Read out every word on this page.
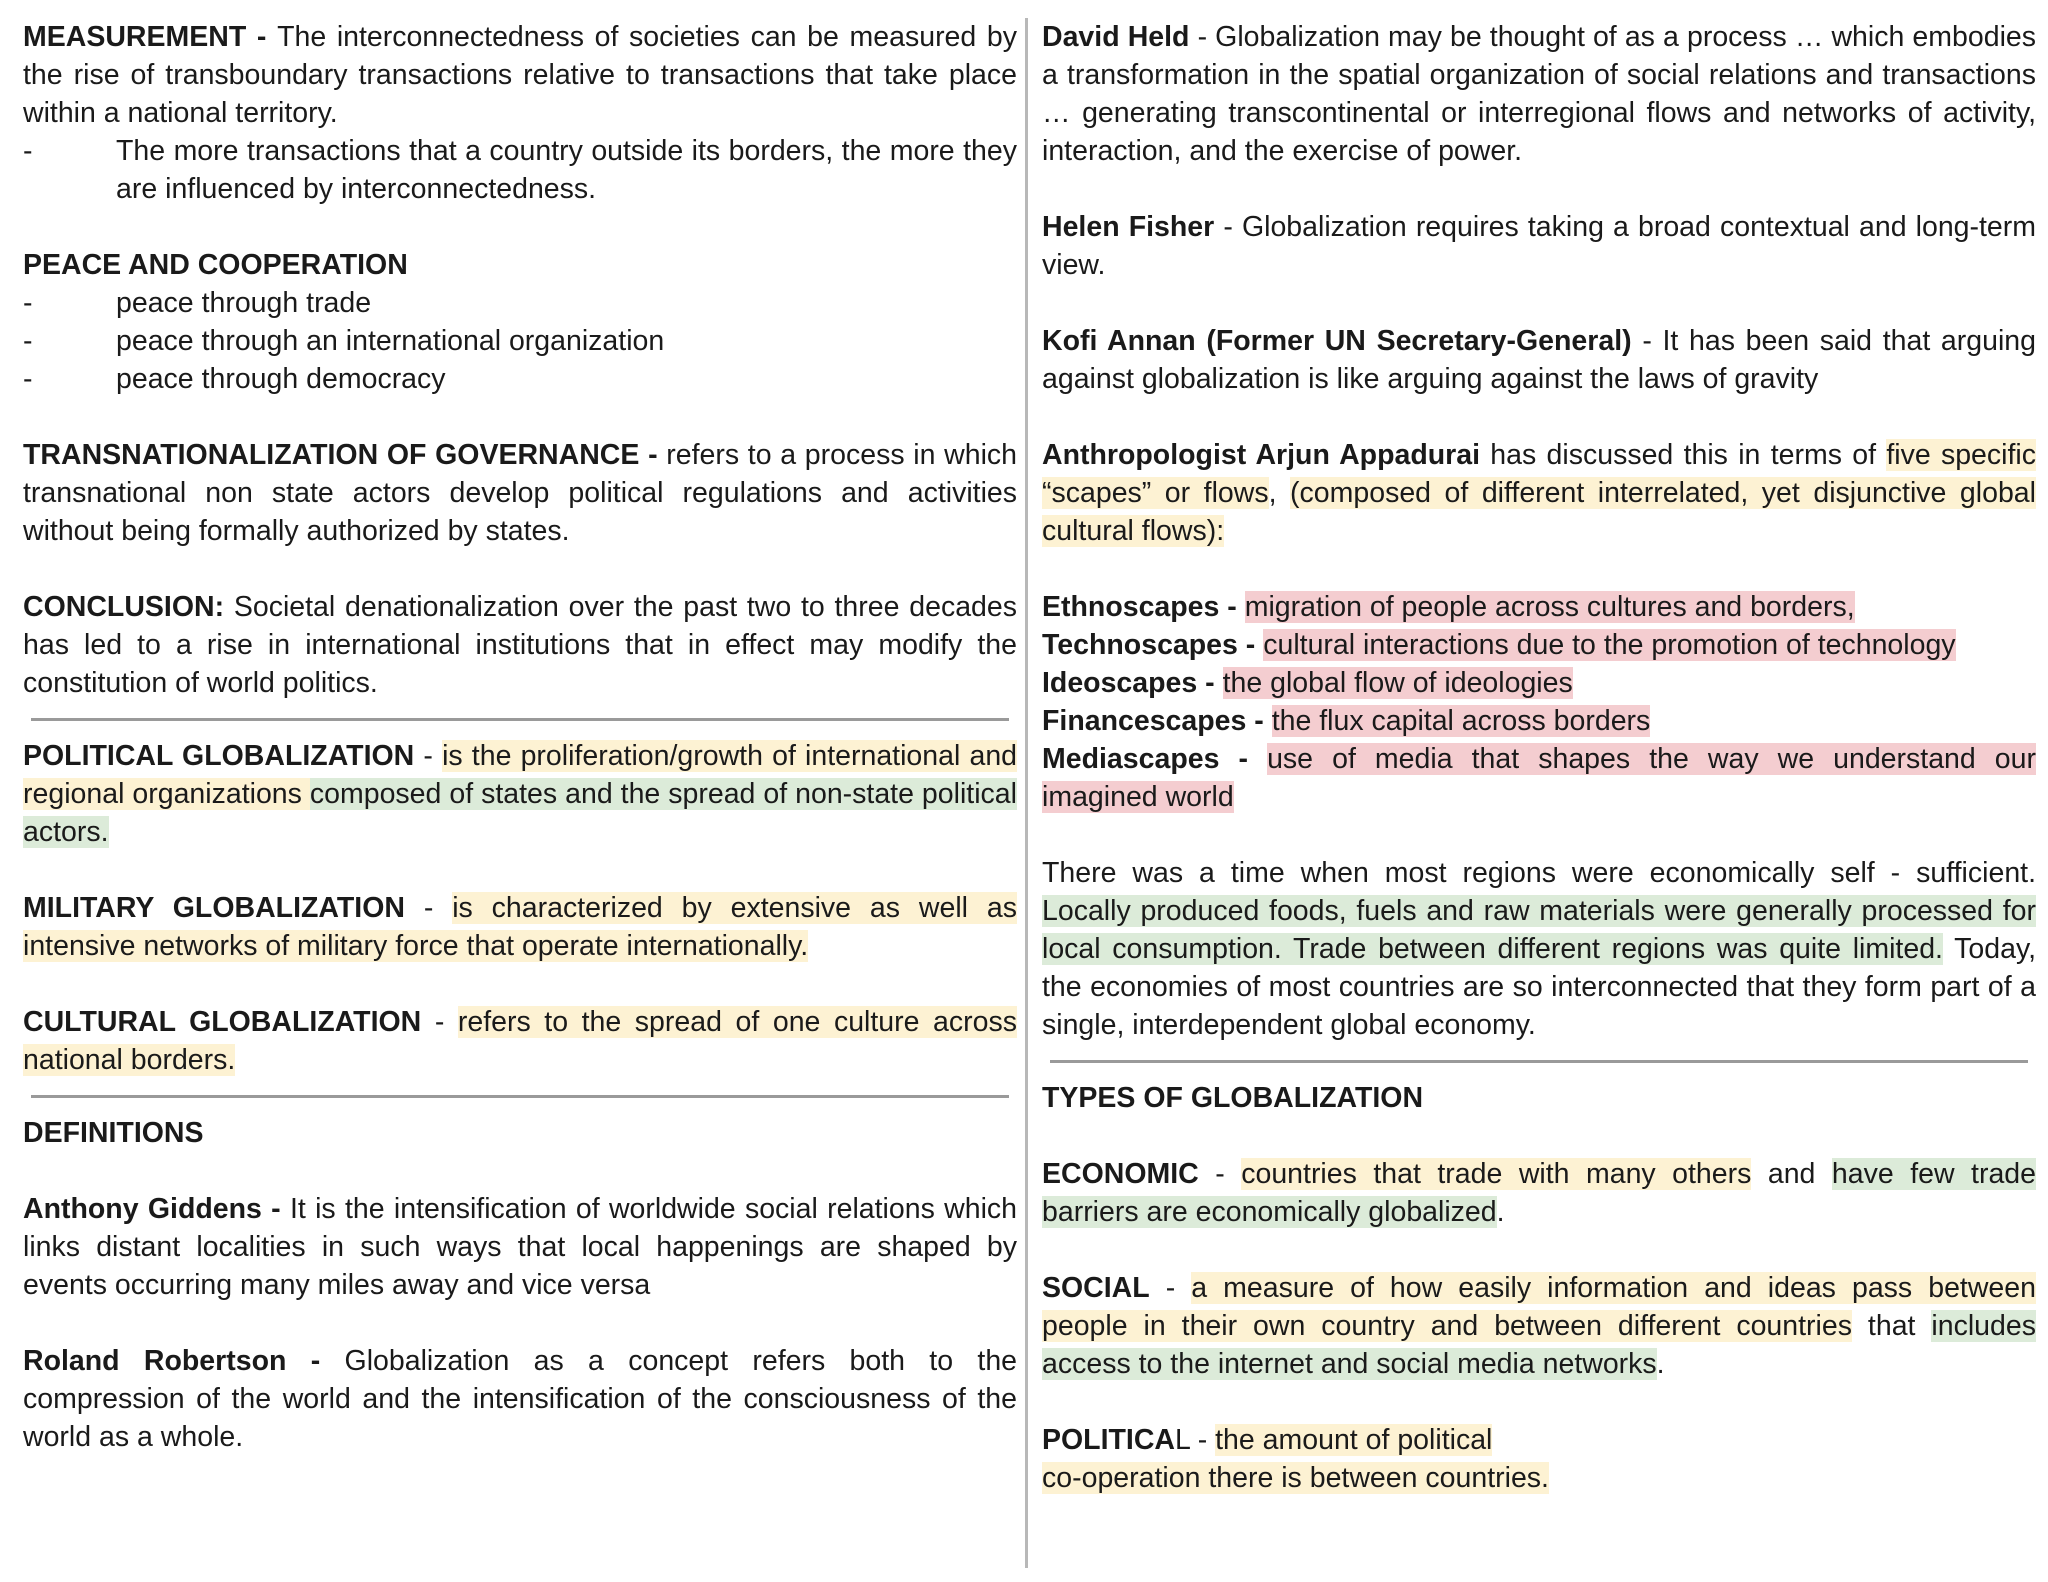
MEASUREMENT - The interconnectedness of societies can be measured by the rise of transboundary transactions relative to transactions that take place within a national territory.

-	The more transactions that a country outside its borders, the more they are influenced by interconnectedness.

PEACE AND COOPERATION

-	peace through trade
-	peace through an international organization
-	peace through democracy

TRANSNATIONALIZATION OF GOVERNANCE - refers to a process in which transnational non state actors develop political regulations and activities without being formally authorized by states.

CONCLUSION: Societal denationalization over the past two to three decades has led to a rise in international institutions that in effect may modify the constitution of world politics.

POLITICAL GLOBALIZATION - is the proliferation/growth of international and regional organizations composed of states and the spread of non-state political actors.

MILITARY GLOBALIZATION - is characterized by extensive as well as intensive networks of military force that operate internationally.

CULTURAL GLOBALIZATION - refers to the spread of one culture across national borders.

DEFINITIONS

Anthony Giddens - It is the intensification of worldwide social relations which links distant localities in such ways that local happenings are shaped by events occurring many miles away and vice versa

Roland Robertson - Globalization as a concept refers both to the compression of the world and the intensification of the consciousness of the world as a whole.

David Held - Globalization may be thought of as a process … which embodies a transformation in the spatial organization of social relations and transactions … generating transcontinental or interregional flows and networks of activity, interaction, and the exercise of power.

Helen Fisher - Globalization requires taking a broad contextual and long-term view.

Kofi Annan (Former UN Secretary-General) - It has been said that arguing against globalization is like arguing against the laws of gravity

Anthropologist Arjun Appadurai has discussed this in terms of five specific “scapes” or flows, (composed of different interrelated, yet disjunctive global cultural flows):

Ethnoscapes - migration of people across cultures and borders,

Technoscapes - cultural interactions due to the promotion of technology

Ideoscapes - the global flow of ideologies

Financescapes - the flux capital across borders

Mediascapes - use of media that shapes the way we understand our imagined world

There was a time when most regions were economically self - sufficient. Locally produced foods, fuels and raw materials were generally processed for local consumption. Trade between different regions was quite limited. Today, the economies of most countries are so interconnected that they form part of a single, interdependent global economy.

TYPES OF GLOBALIZATION

ECONOMIC - countries that trade with many others and have few trade barriers are economically globalized.

SOCIAL - a measure of how easily information and ideas pass between people in their own country and between different countries that includes access to the internet and social media networks.

POLITICAL - the amount of political
co-operation there is between countries.
